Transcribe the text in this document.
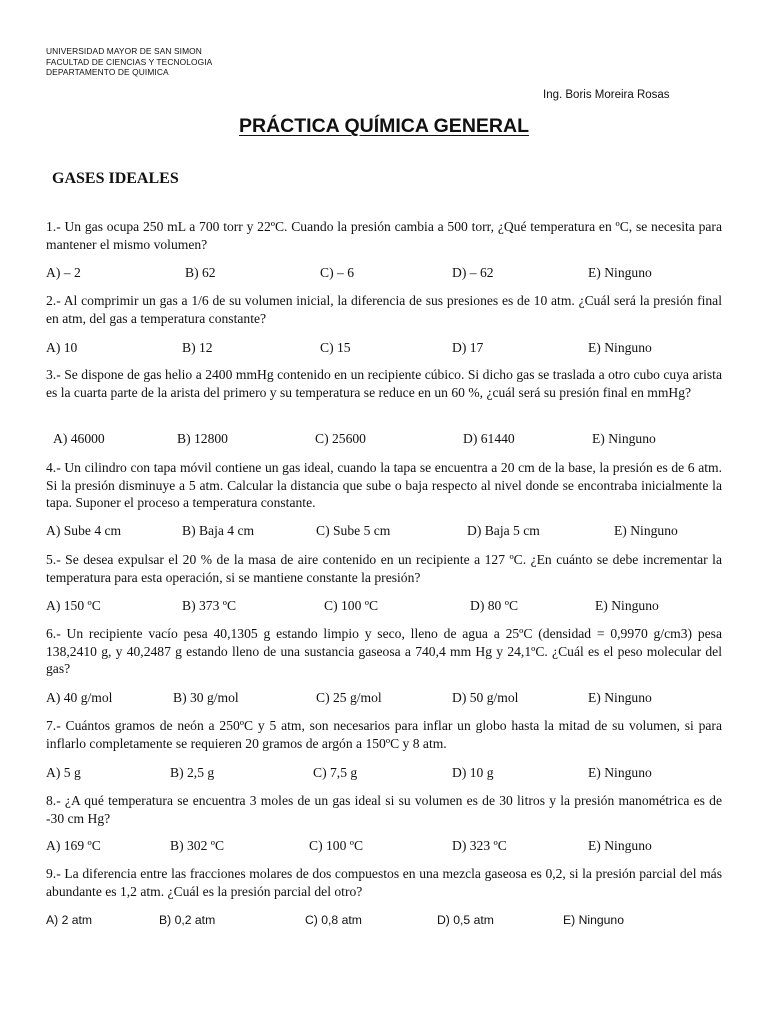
UNIVERSIDAD MAYOR DE SAN SIMON
FACULTAD DE CIENCIAS Y TECNOLOGIA
DEPARTAMENTO DE QUIMICA
Ing. Boris Moreira Rosas
PRÁCTICA QUÍMICA GENERAL
GASES IDEALES
1.- Un gas ocupa 250 mL a 700 torr y 22ºC. Cuando la presión cambia a 500 torr, ¿Qué temperatura en ºC, se necesita para mantener el mismo volumen?
A) – 2	B) 62	C) – 6	D) – 62	E) Ninguno
2.- Al comprimir un gas a 1/6 de su volumen inicial, la diferencia de sus presiones es de 10 atm. ¿Cuál será la presión final en atm, del gas a temperatura constante?
A) 10	B) 12	C) 15	D) 17	E) Ninguno
3.- Se dispone de gas helio a 2400 mmHg contenido en un recipiente cúbico. Si dicho gas se traslada a otro cubo cuya arista es la cuarta parte de la arista del primero y su temperatura se reduce en un 60 %, ¿cuál será su presión final en mmHg?
A) 46000	B) 12800	C) 25600	D) 61440	E) Ninguno
4.- Un cilindro con tapa móvil contiene un gas ideal, cuando la tapa se encuentra a 20 cm de la base, la presión es de 6 atm. Si la presión disminuye a 5 atm. Calcular la distancia que sube o baja respecto al nivel donde se encontraba inicialmente la tapa. Suponer el proceso a temperatura constante.
A) Sube 4 cm	B) Baja 4 cm	C) Sube 5 cm	D) Baja 5 cm	E) Ninguno
5.- Se desea expulsar el 20 % de la masa de aire contenido en un recipiente a 127 ºC. ¿En cuánto se debe incrementar la temperatura para esta operación, si se mantiene constante la presión?
A) 150 ºC	B) 373 ºC	C) 100 ºC	D) 80 ºC	E) Ninguno
6.- Un recipiente vacío pesa 40,1305 g estando limpio y seco, lleno de agua a 25ºC (densidad = 0,9970 g/cm3) pesa 138,2410 g, y 40,2487 g estando lleno de una sustancia gaseosa a 740,4 mm Hg y 24,1ºC. ¿Cuál es el peso molecular del gas?
A) 40 g/mol	B) 30 g/mol	C) 25 g/mol	D) 50 g/mol	E) Ninguno
7.- Cuántos gramos de neón a 250ºC y 5 atm, son necesarios para inflar un globo hasta la mitad de su volumen, si para inflarlo completamente se requieren 20 gramos de argón a 150ºC y 8 atm.
A) 5 g	B) 2,5 g	C) 7,5 g	D) 10 g	E) Ninguno
8.- ¿A qué temperatura se encuentra 3 moles de un gas ideal si su volumen es de 30 litros y la presión manométrica es de -30 cm Hg?
A) 169 ºC	B) 302 ºC	C) 100 ºC	D) 323 ºC	E) Ninguno
9.- La diferencia entre las fracciones molares de dos compuestos en una mezcla gaseosa es 0,2, si la presión parcial del más abundante es 1,2 atm. ¿Cuál es la presión parcial del otro?
A) 2 atm	B) 0,2 atm	C) 0,8 atm	D) 0,5 atm	E) Ninguno
